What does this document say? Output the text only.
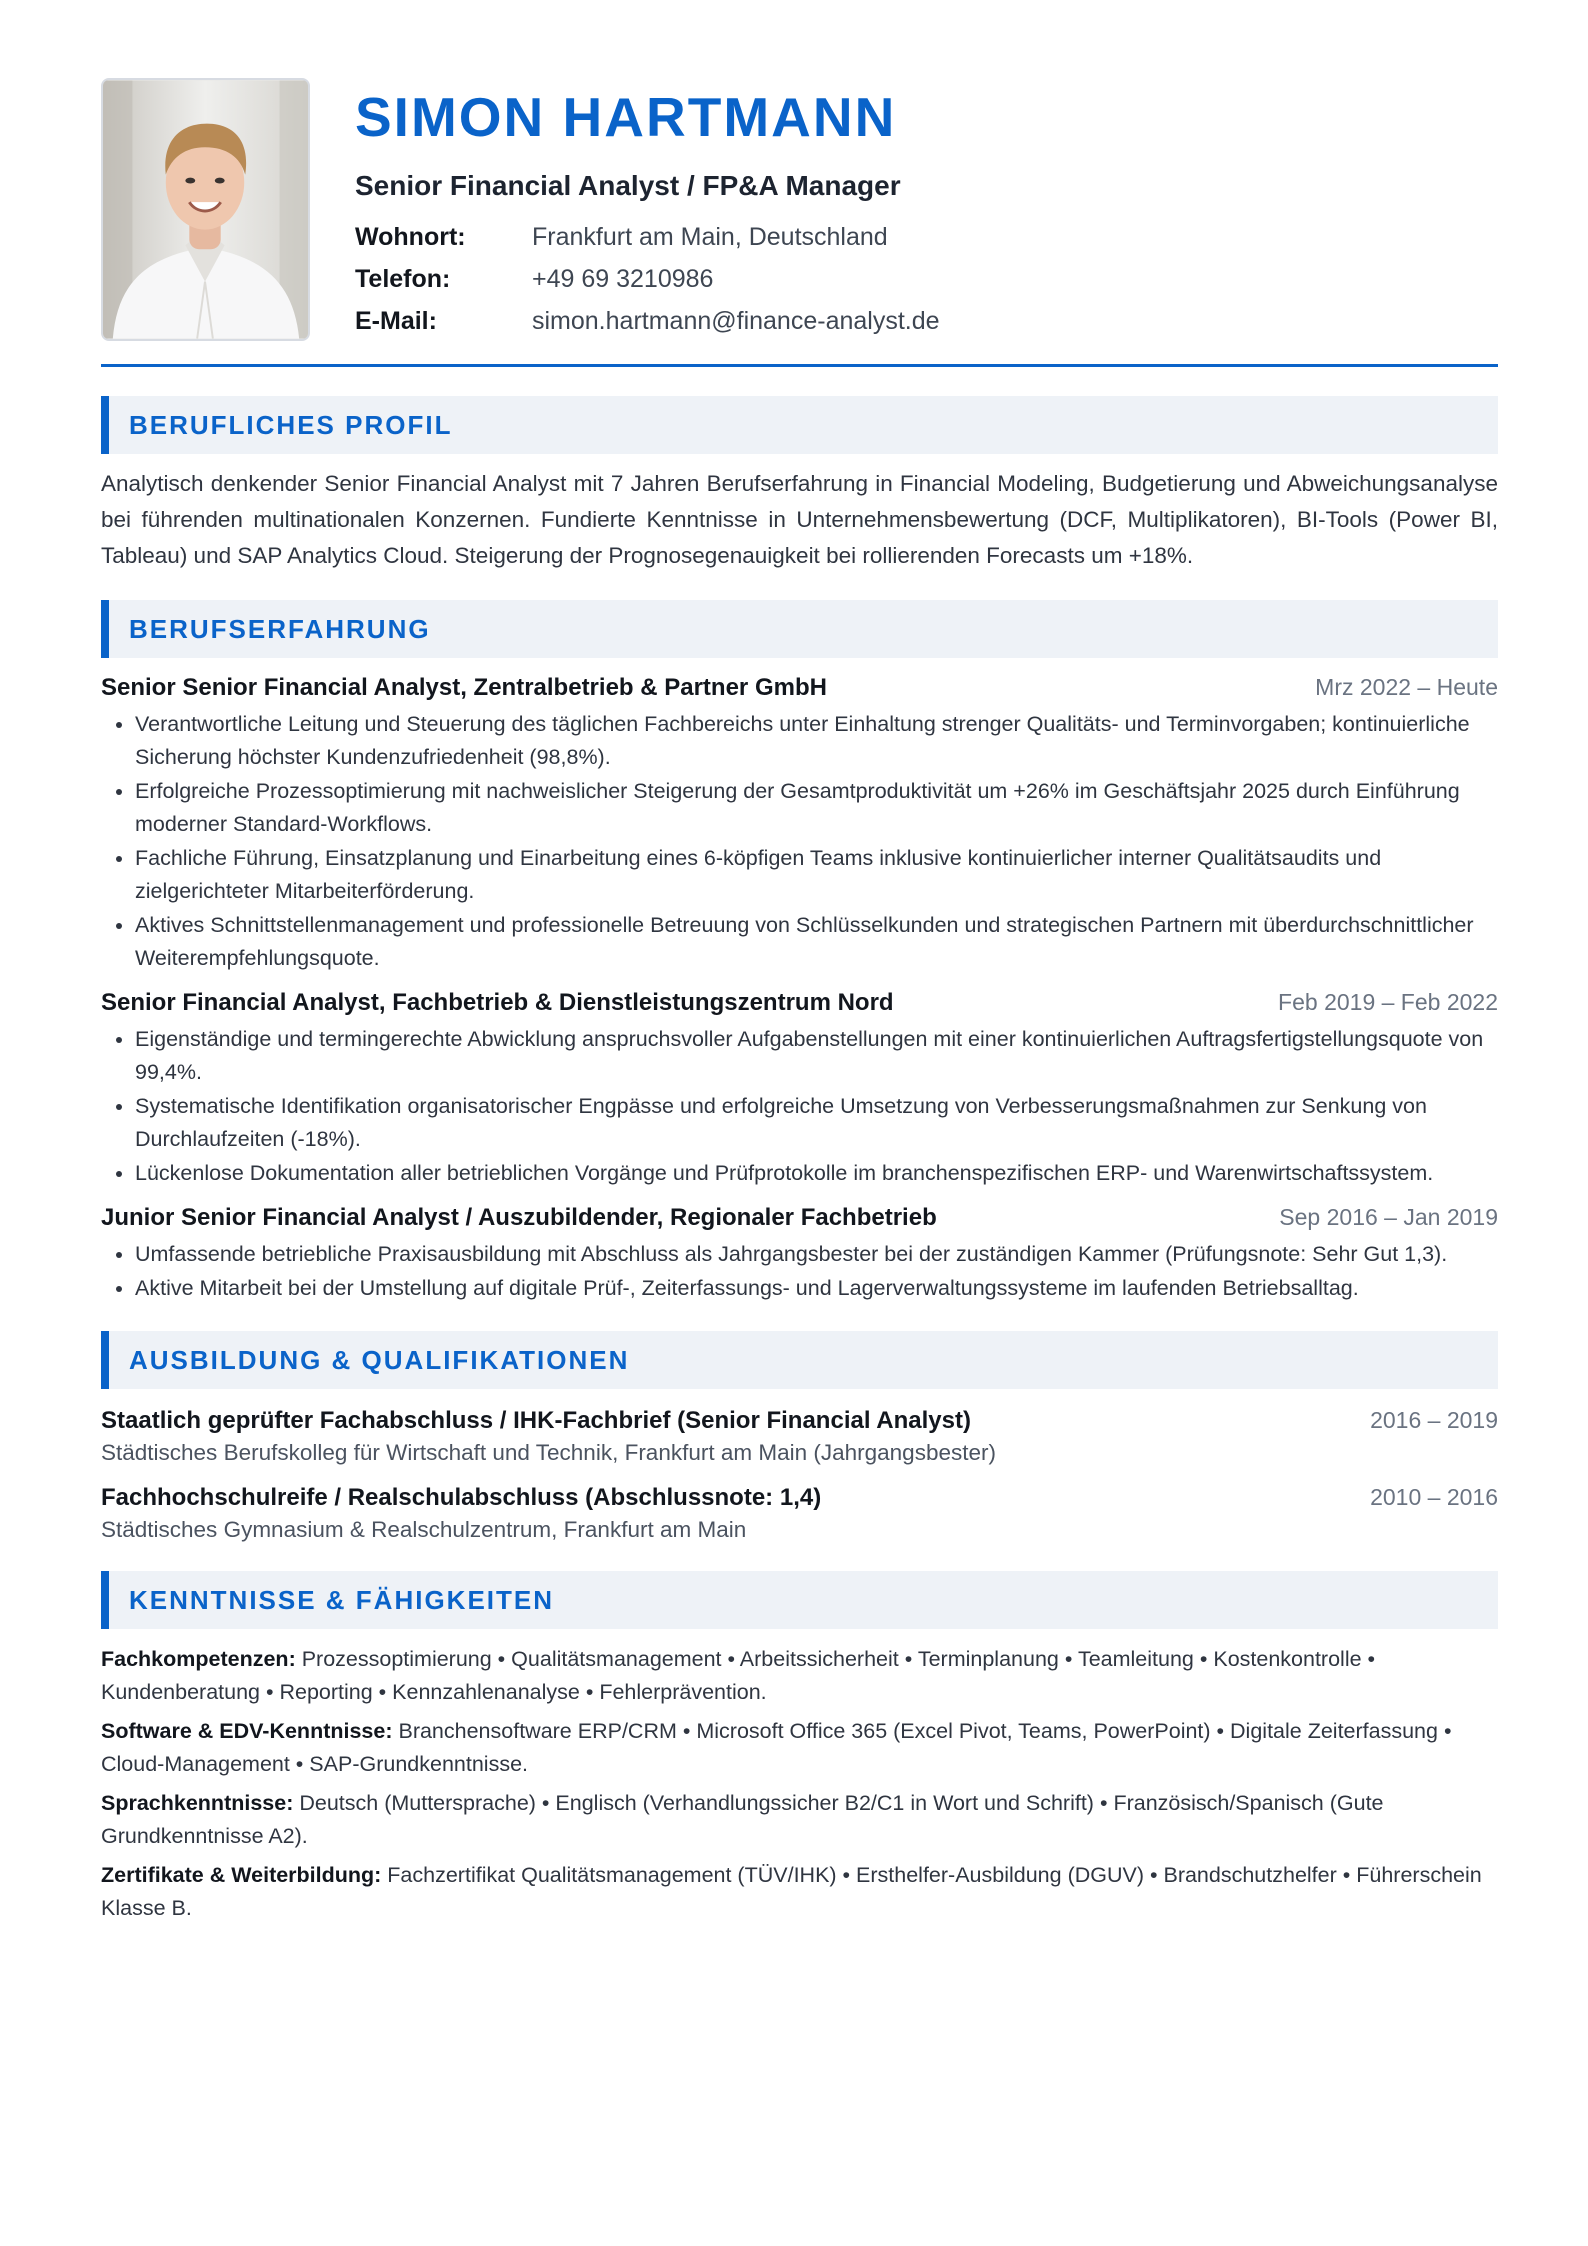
SIMON HARTMANN
Senior Financial Analyst / FP&A Manager
Wohnort:	Frankfurt am Main, Deutschland
Telefon:	+49 69 3210986
E-Mail:	simon.hartmann@finance-analyst.de
BERUFLICHES PROFIL
Analytisch denkender Senior Financial Analyst mit 7 Jahren Berufserfahrung in Financial Modeling, Budgetierung und Abweichungsanalyse bei führenden multinationalen Konzernen. Fundierte Kenntnisse in Unternehmensbewertung (DCF, Multiplikatoren), BI-Tools (Power BI, Tableau) und SAP Analytics Cloud. Steigerung der Prognosegenauigkeit bei rollierenden Forecasts um +18%.
BERUFSERFAHRUNG
Senior Senior Financial Analyst, Zentralbetrieb & Partner GmbH	Mrz 2022 – Heute
• Verantwortliche Leitung und Steuerung des täglichen Fachbereichs unter Einhaltung strenger Qualitäts- und Terminvorgaben; kontinuierliche Sicherung höchster Kundenzufriedenheit (98,8%).
• Erfolgreiche Prozessoptimierung mit nachweislicher Steigerung der Gesamtproduktivität um +26% im Geschäftsjahr 2025 durch Einführung moderner Standard-Workflows.
• Fachliche Führung, Einsatzplanung und Einarbeitung eines 6-köpfigen Teams inklusive kontinuierlicher interner Qualitätsaudits und zielgerichteter Mitarbeiterförderung.
• Aktives Schnittstellenmanagement und professionelle Betreuung von Schlüsselkunden und strategischen Partnern mit überdurchschnittlicher Weiterempfehlungsquote.
Senior Financial Analyst, Fachbetrieb & Dienstleistungszentrum Nord	Feb 2019 – Feb 2022
• Eigenständige und termingerechte Abwicklung anspruchsvoller Aufgabenstellungen mit einer kontinuierlichen Auftragsfertigstellungsquote von 99,4%.
• Systematische Identifikation organisatorischer Engpässe und erfolgreiche Umsetzung von Verbesserungsmaßnahmen zur Senkung von Durchlaufzeiten (-18%).
• Lückenlose Dokumentation aller betrieblichen Vorgänge und Prüfprotokolle im branchenspezifischen ERP- und Warenwirtschaftssystem.
Junior Senior Financial Analyst / Auszubildender, Regionaler Fachbetrieb	Sep 2016 – Jan 2019
• Umfassende betriebliche Praxisausbildung mit Abschluss als Jahrgangsbester bei der zuständigen Kammer (Prüfungsnote: Sehr Gut 1,3).
• Aktive Mitarbeit bei der Umstellung auf digitale Prüf-, Zeiterfassungs- und Lagerverwaltungssysteme im laufenden Betriebsalltag.
AUSBILDUNG & QUALIFIKATIONEN
Staatlich geprüfter Fachabschluss / IHK-Fachbrief (Senior Financial Analyst)	2016 – 2019
Städtisches Berufskolleg für Wirtschaft und Technik, Frankfurt am Main (Jahrgangsbester)
Fachhochschulreife / Realschulabschluss (Abschlussnote: 1,4)	2010 – 2016
Städtisches Gymnasium & Realschulzentrum, Frankfurt am Main
KENNTNISSE & FÄHIGKEITEN
Fachkompetenzen: Prozessoptimierung • Qualitätsmanagement • Arbeitssicherheit • Terminplanung • Teamleitung • Kostenkontrolle • Kundenberatung • Reporting • Kennzahlenanalyse • Fehlerprävention.
Software & EDV-Kenntnisse: Branchensoftware ERP/CRM • Microsoft Office 365 (Excel Pivot, Teams, PowerPoint) • Digitale Zeiterfassung • Cloud-Management • SAP-Grundkenntnisse.
Sprachkenntnisse: Deutsch (Muttersprache) • Englisch (Verhandlungssicher B2/C1 in Wort und Schrift) • Französisch/Spanisch (Gute Grundkenntnisse A2).
Zertifikate & Weiterbildung: Fachzertifikat Qualitätsmanagement (TÜV/IHK) • Ersthelfer-Ausbildung (DGUV) • Brandschutzhelfer • Führerschein Klasse B.
